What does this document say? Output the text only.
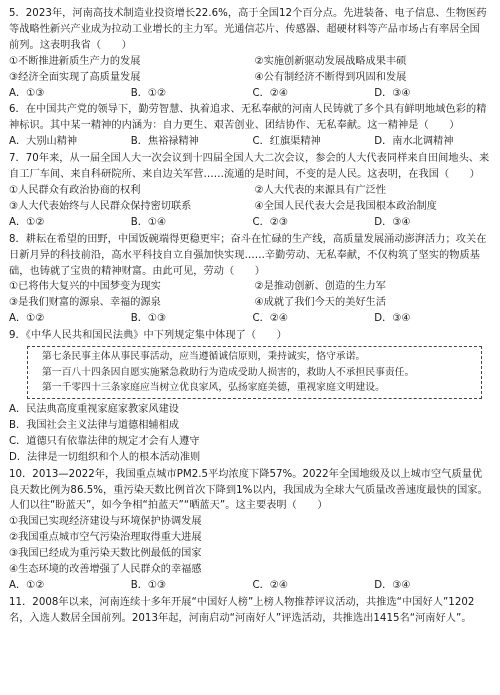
5．2023年，河南高技术制造业投资增长22.6%，高于全国12个百分点。先进装备、电子信息、生物医药等战略性新兴产业成为拉动工业增长的主力军。光通信芯片、传感器、超硬材料等产品市场占有率居全国前列。这表明我省（　　）

①不断推进新质生产力的发展	②实施创新驱动发展战略成果丰硕
③经济全面实现了高质量发展	④公有制经济不断得到巩固和发展
A．①③	B．①②	C．②④	D．③④

6．在中国共产党的领导下，勤劳智慧、执着追求、无私奉献的河南人民铸就了多个具有鲜明地域色彩的精神标识。其中某一精神的内涵为：自力更生、艰苦创业、团结协作、无私奉献。这一精神是（　　）

A．大别山精神	B．焦裕禄精神	C．红旗渠精神	D．南水北调精神

7．70年来，从一届全国人大一次会议到十四届全国人大二次会议，参会的人大代表同样来自田间地头、来自工厂车间、来自科研院所、来自边关军营……流通的是时间，不变的是人民。这表明，在我国（　　）

①人民群众有政治协商的权利	②人大代表的来源具有广泛性
③人大代表始终与人民群众保持密切联系	④全国人民代表大会是我国根本政治制度
A．①②	B．①④	C．②③	D．③④

8．耕耘在希望的田野，中国饭碗端得更稳更牢；奋斗在忙碌的生产线，高质量发展涌动澎湃活力；攻关在日新月异的科技前沿，高水平科技自立自强加快实现……辛勤劳动、无私奉献，不仅构筑了坚实的物质基础，也铸就了宝贵的精神财富。由此可见，劳动（　　）

①已将伟大复兴的中国梦变为现实	②是推动创新、创造的生力军
③是我们财富的源泉、幸福的源泉	④成就了我们今天的美好生活
A．①②	B．①③	C．②④	D．③④

9．《中华人民共和国民法典》中下列规定集中体现了（　　）

第七条民事主体从事民事活动，应当遵循诚信原则，秉持诚实，恪守承诺。
第一百八十四条因自愿实施紧急救助行为造成受助人损害的，救助人不承担民事责任。
第一千零四十三条家庭应当树立优良家风，弘扬家庭美德，重视家庭文明建设。
A．民法典高度重视家庭家教家风建设
B．我国社会主义法律与道德相辅相成
C．道德只有依靠法律的规定才会有人遵守
D．法律是一切组织和个人的根本活动准则

10．2013—2022年，我国重点城市PM2.5平均浓度下降57%。2022年全国地级及以上城市空气质量优良天数比例为86.5%，重污染天数比例首次下降到1%以内，我国成为全球大气质量改善速度最快的国家。人们以往“盼蓝天”，如今争相“拍蓝天”“晒蓝天”。这主要表明（　　）

①我国已实现经济建设与环境保护协调发展
②我国重点城市空气污染治理取得重大进展
③我国已经成为重污染天数比例最低的国家
④生态环境的改善增强了人民群众的幸福感
A．①②	B．①③	C．②④	D．③④

11．2008年以来，河南连续十多年开展“中国好人榜”上榜人物推荐评议活动，共推选“中国好人”1202名，入选人数居全国前列。2013年起，河南启动“河南好人”评选活动，共推选出1415名“河南好人”。
